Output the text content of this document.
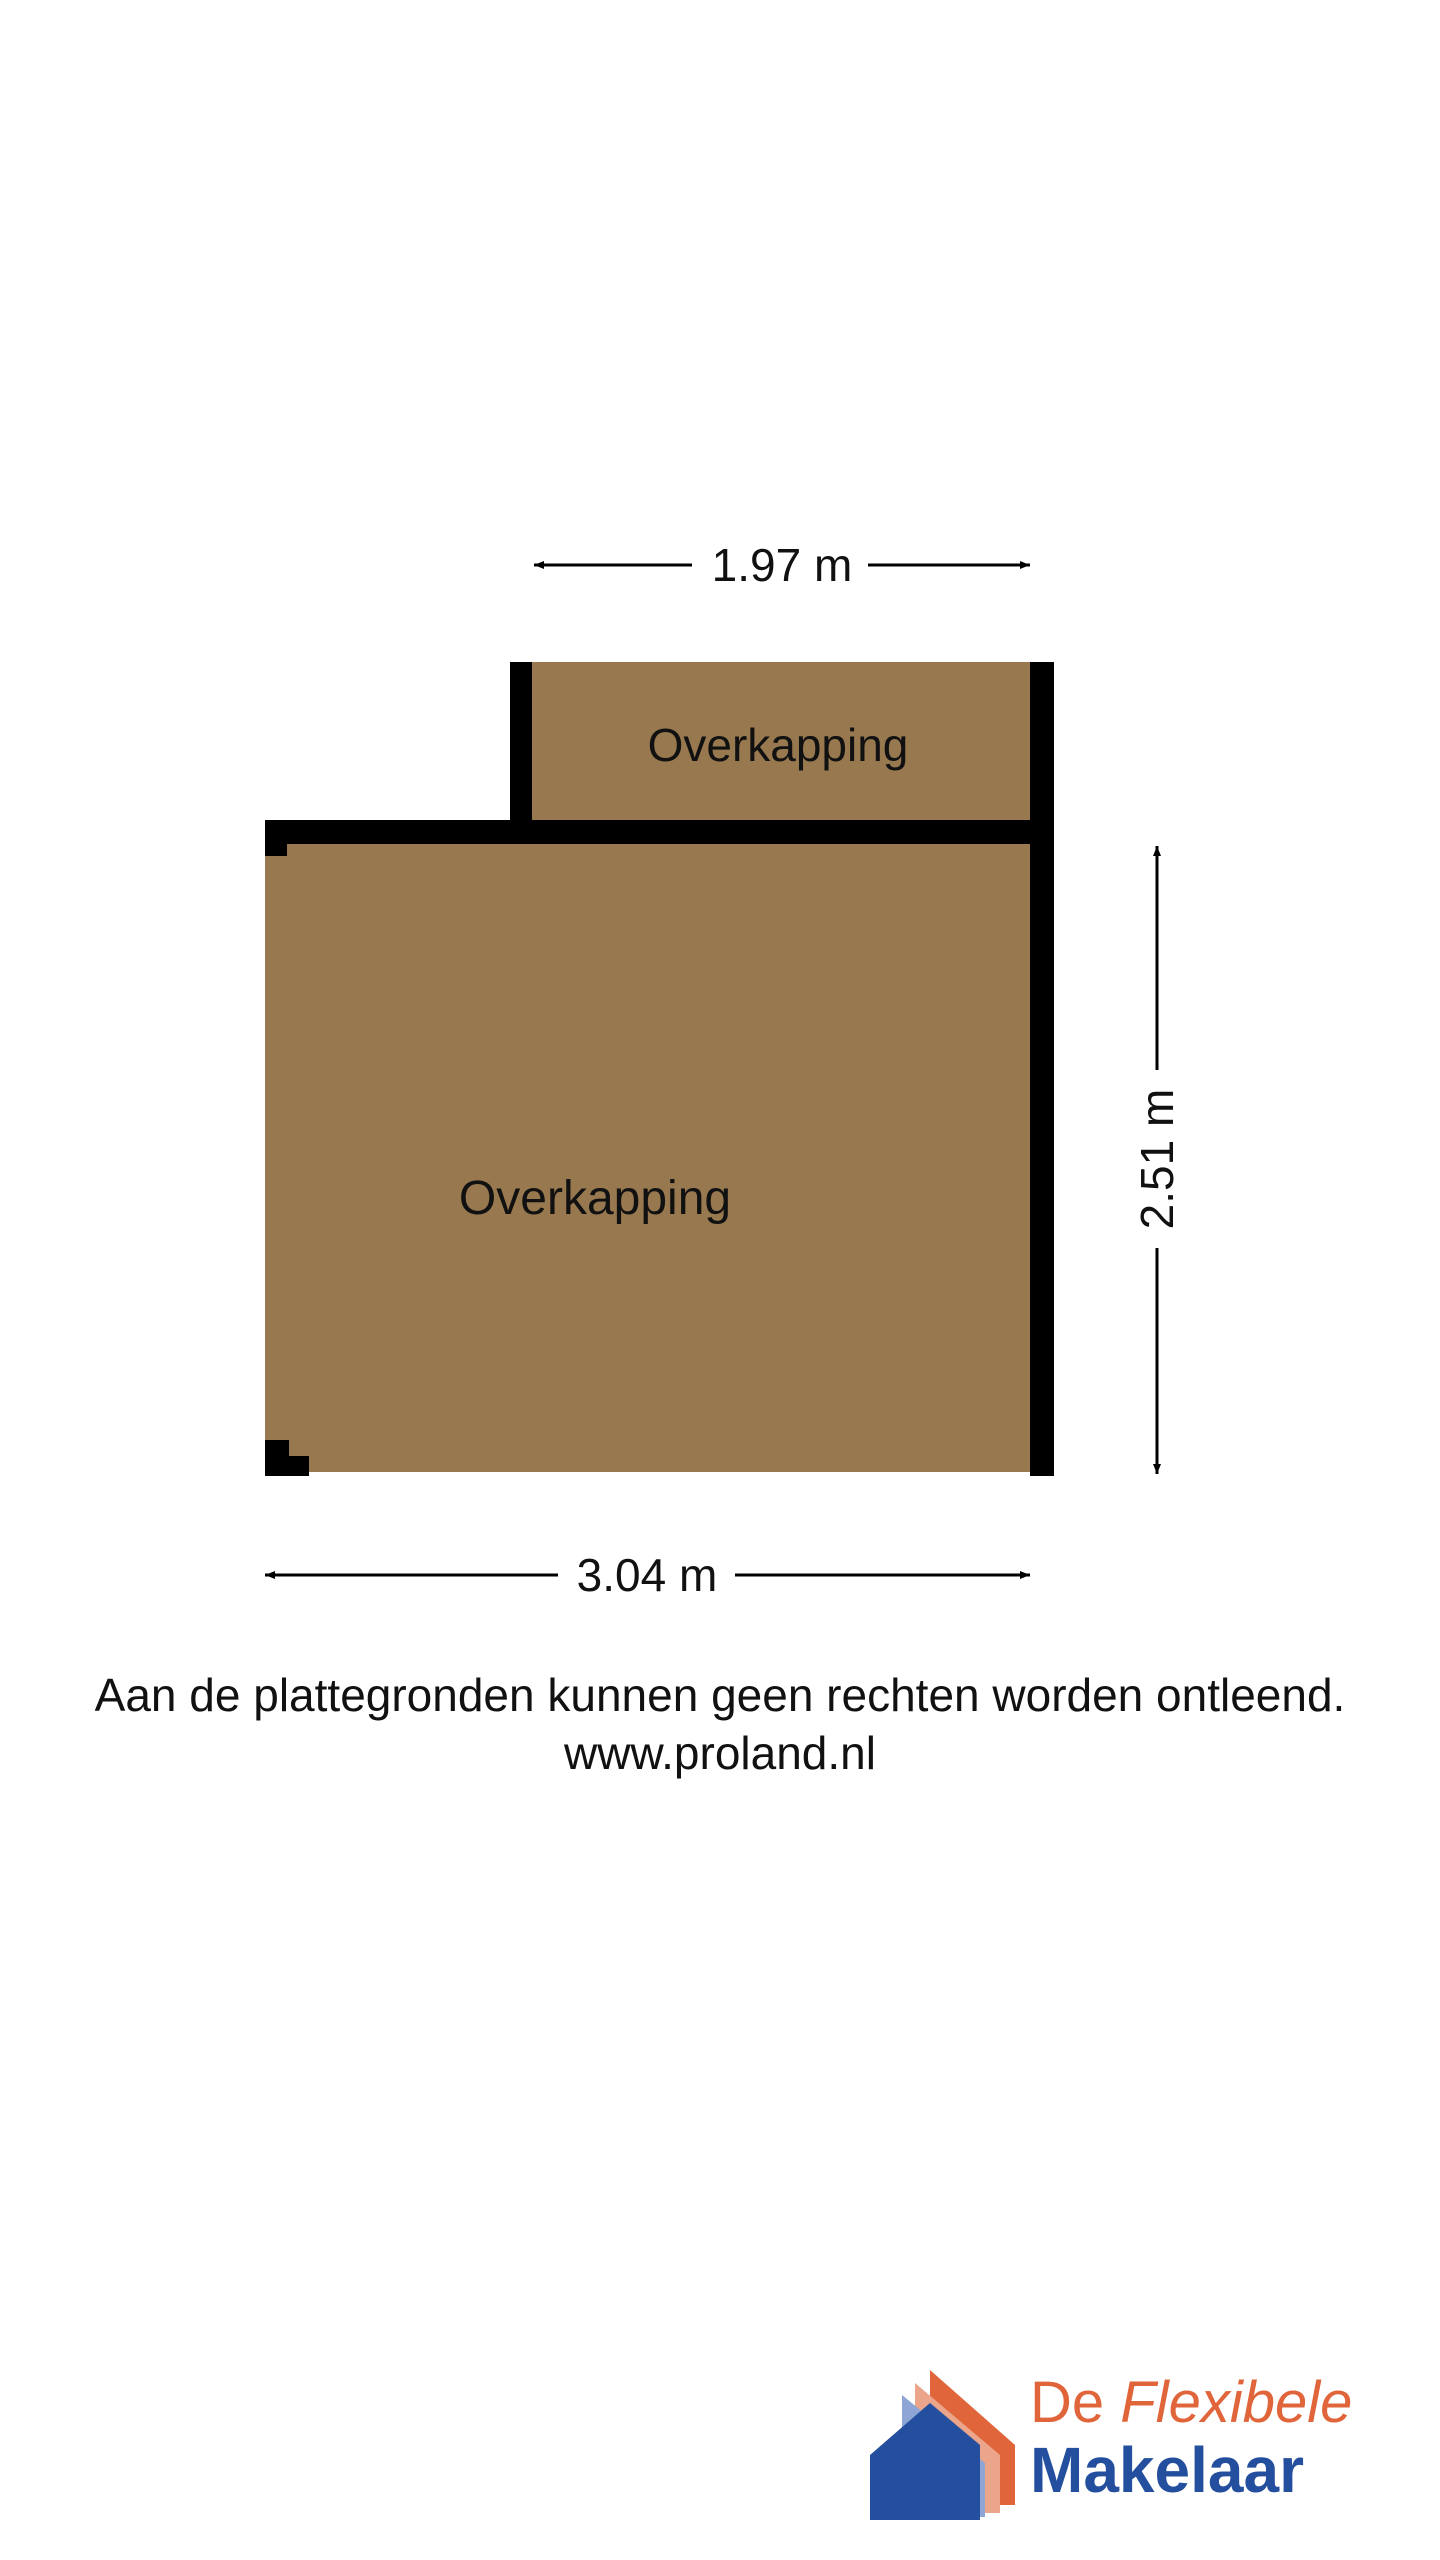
Overkapping
Overkapping
1.97 m
2.51 m
3.04 m
Aan de plattegronden kunnen geen rechten worden ontleend.
www.proland.nl
De Flexibele
Makelaar
